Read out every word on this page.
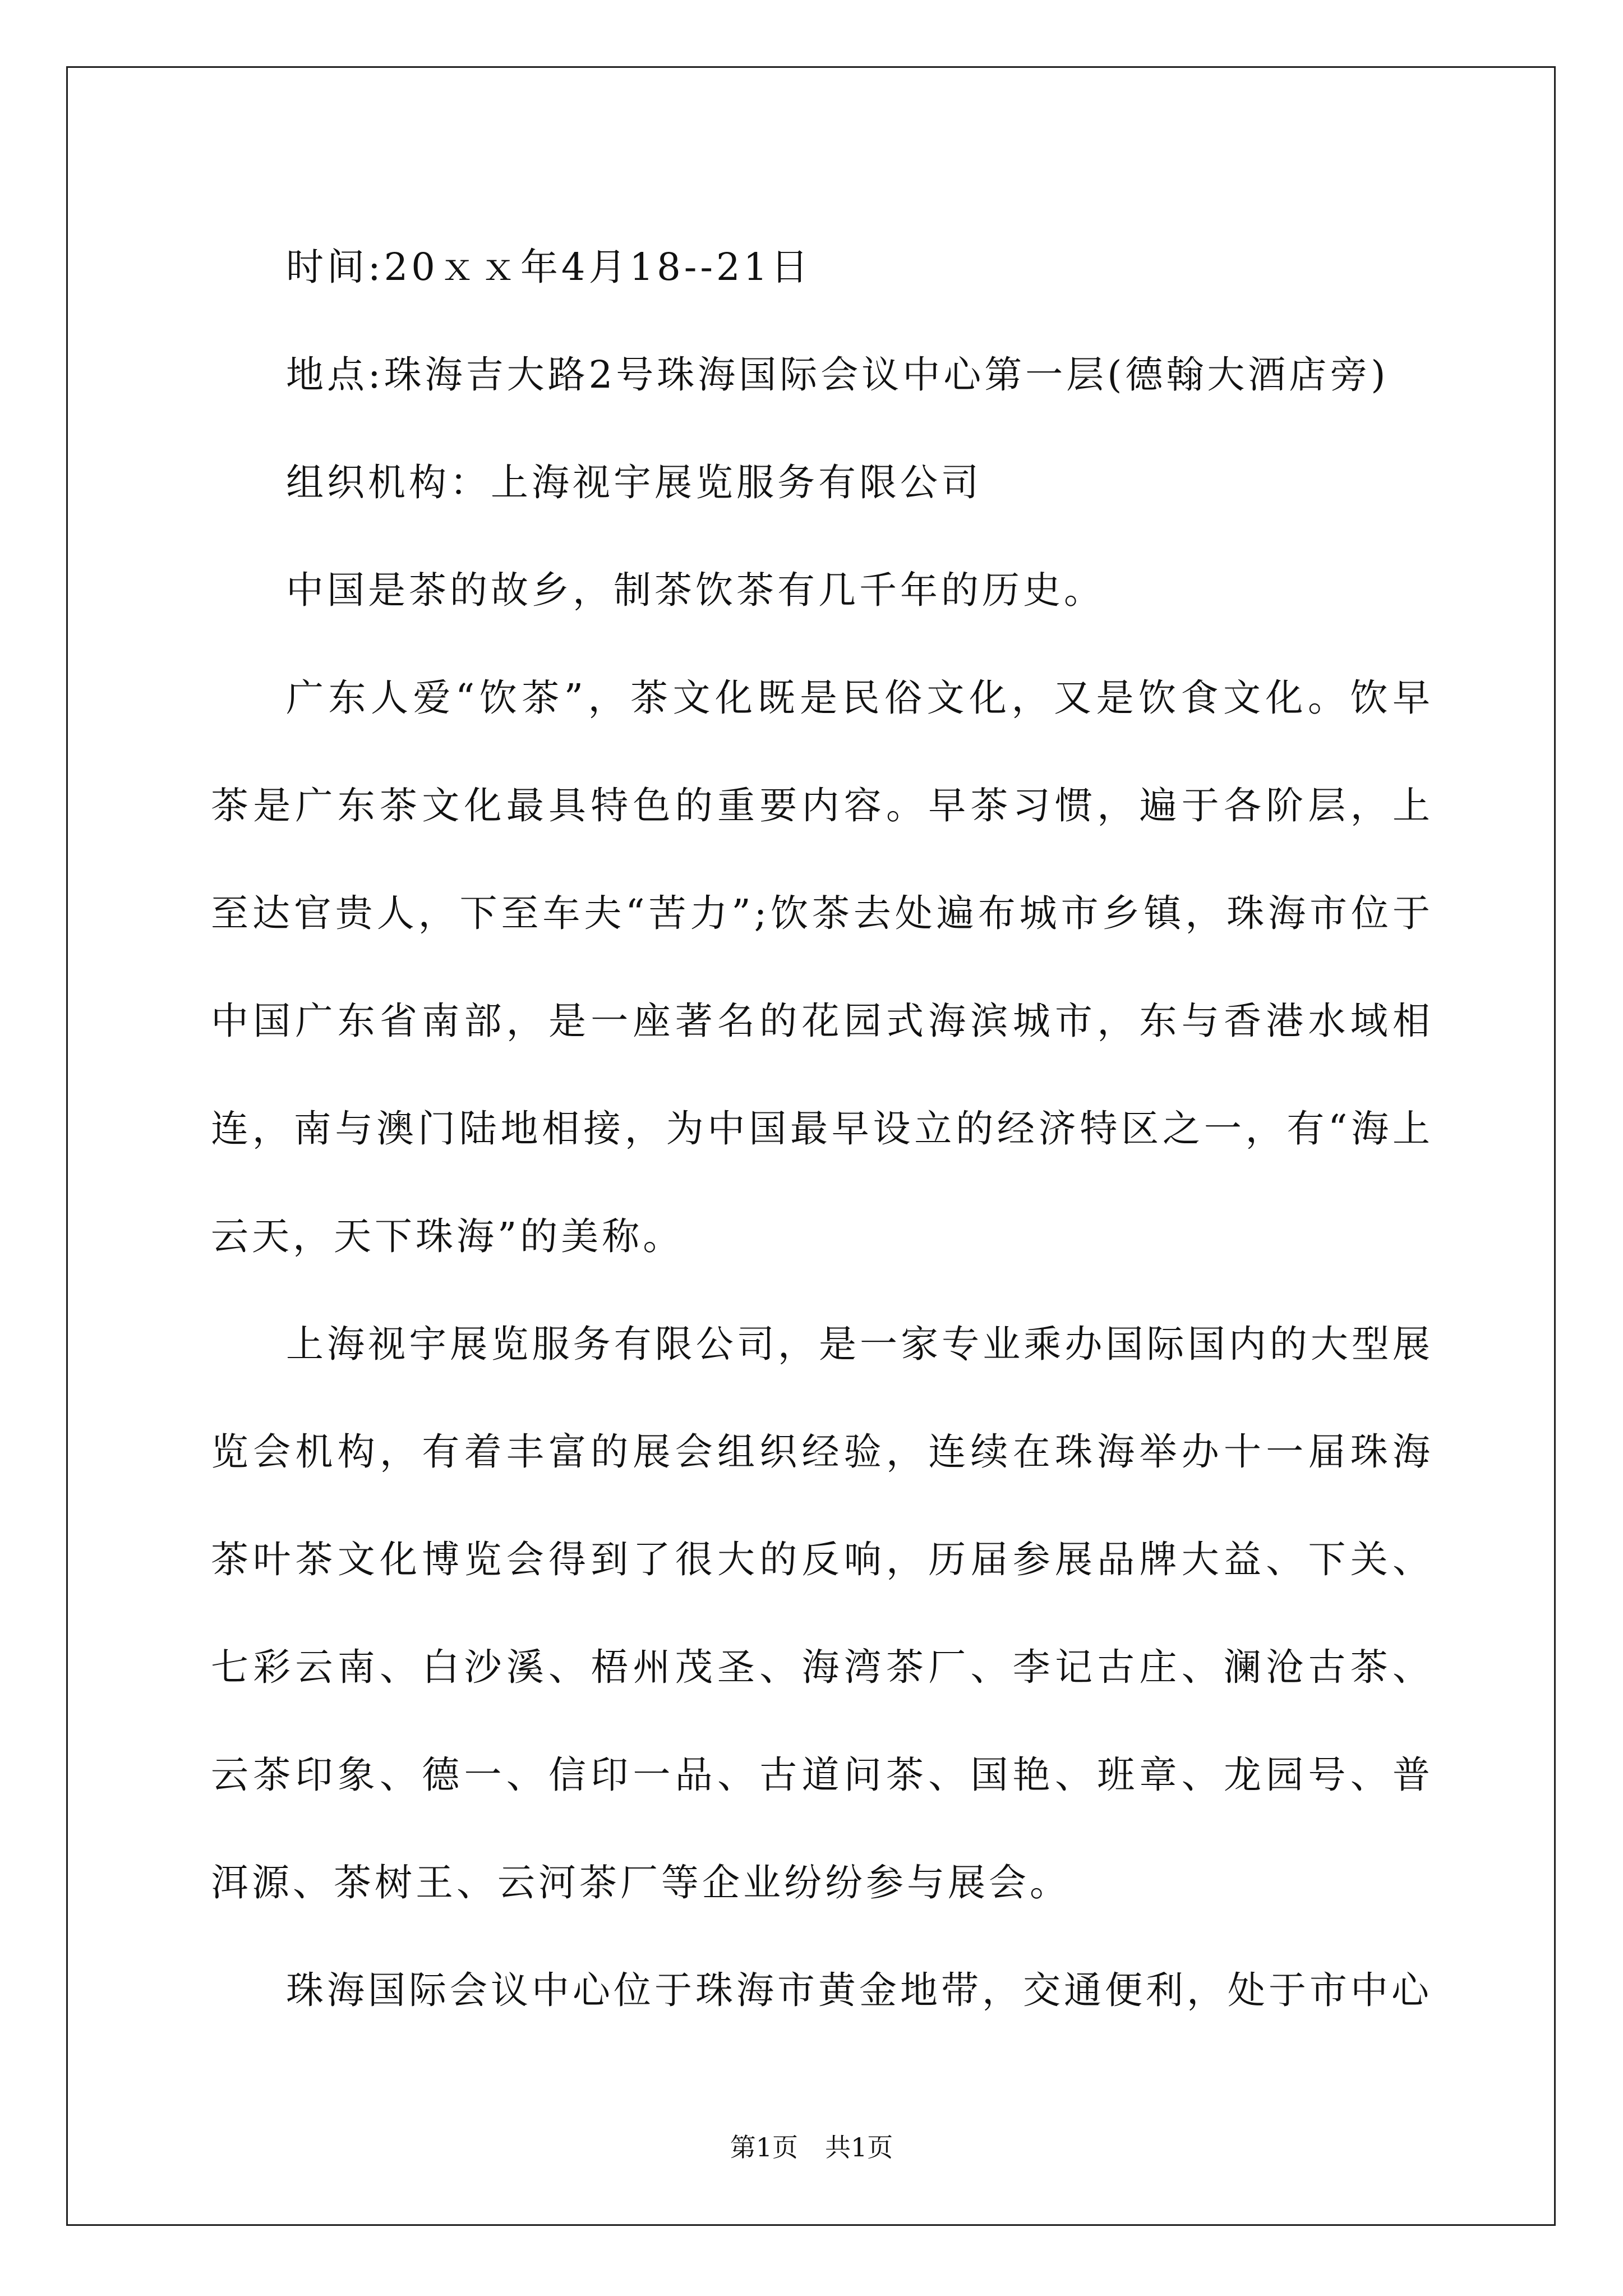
时间:20ｘｘ年4月18--21日

地点:珠海吉大路2号珠海国际会议中心第一层(德翰大酒店旁)

组织机构：上海视宇展览服务有限公司

中国是茶的故乡，制茶饮茶有几千年的历史。

广东人爱“饮茶”，茶文化既是民俗文化，又是饮食文化。饮早茶是广东茶文化最具特色的重要内容。早茶习惯，遍于各阶层，上至达官贵人，下至车夫“苦力”;饮茶去处遍布城市乡镇，珠海市位于中国广东省南部，是一座著名的花园式海滨城市，东与香港水域相连，南与澳门陆地相接，为中国最早设立的经济特区之一，有“海上云天，天下珠海”的美称。

上海视宇展览服务有限公司，是一家专业乘办国际国内的大型展览会机构，有着丰富的展会组织经验，连续在珠海举办十一届珠海茶叶茶文化博览会得到了很大的反响，历届参展品牌大益、下关、七彩云南、白沙溪、梧州茂圣、海湾茶厂、李记古庄、澜沧古茶、云茶印象、德一、信印一品、古道问茶、国艳、班章、龙园号、普洱源、茶树王、云河茶厂等企业纷纷参与展会。

珠海国际会议中心位于珠海市黄金地带，交通便利，处于市中心

第1页 共1页
